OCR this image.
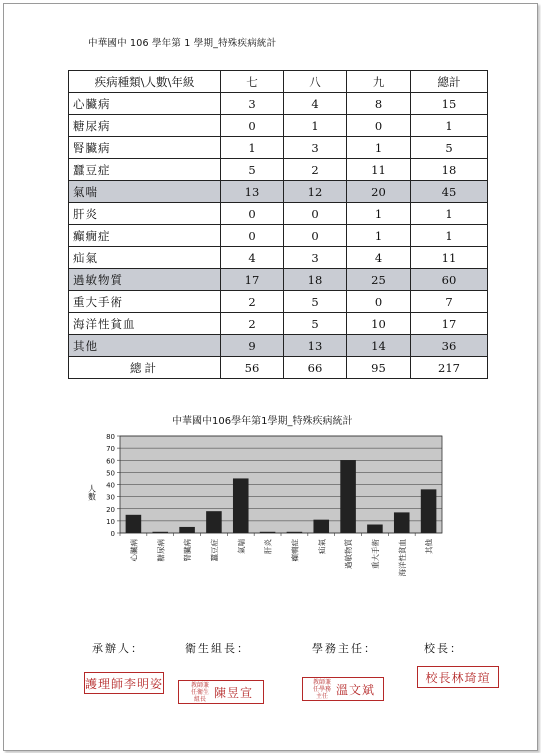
中華國中 106 學年第 1 學期_特殊疾病統計
疾病種類\人數\年級	七	八	九	總計
心臟病	3	4	8	15
糖尿病	0	1	0	1
腎臟病	1	3	1	5
蠶豆症	5	2	11	18
氣喘	13	12	20	45
肝炎	0	0	1	1
癲癇症	0	0	1	1
疝氣	4	3	4	11
過敏物質	17	18	25	60
重大手術	2	5	0	7
海洋性貧血	2	5	10	17
其他	9	13	14	36
總計	56	66	95	217
中華國中106學年第1學期_特殊疾病統計
0
10
20
30
40
50
60
70
80
人數
心臟病 糖尿病 腎臟病 蠶豆症 氣喘 肝炎 癲癇症 疝氣 過敏物質 重大手術 海洋性貧血 其他
承辦人：	衛生組長：	學務主任：	校長：
護理師李明姿	教師兼任衛生組長 陳昱宣
教師兼任學務主任 溫文斌
校長林琦瑄
